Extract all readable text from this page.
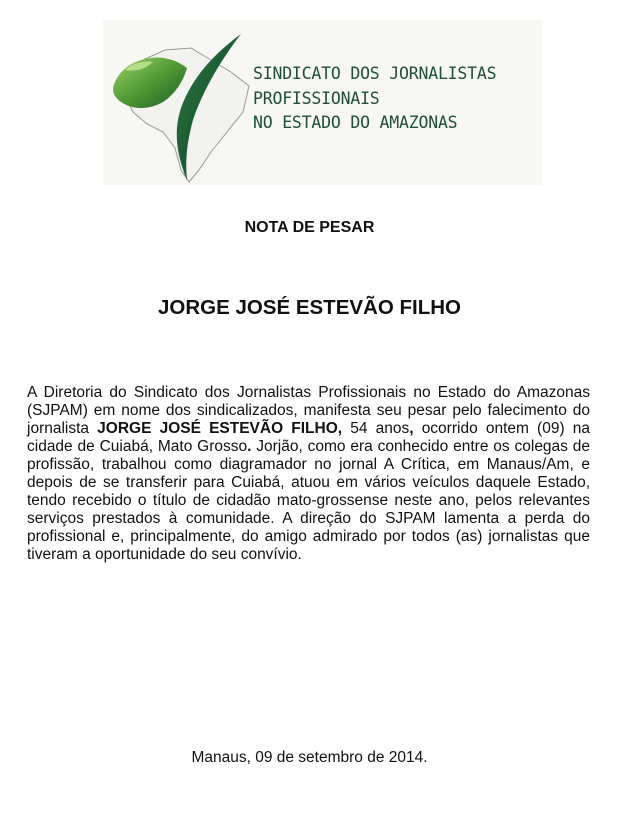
SINDICATO DOS JORNALISTAS
PROFISSIONAIS
NO ESTADO DO AMAZONAS
NOTA DE PESAR
JORGE JOSÉ ESTEVÃO FILHO
A Diretoria do Sindicato dos Jornalistas Profissionais no Estado do Amazonas (SJPAM) em nome dos sindicalizados, manifesta seu pesar pelo falecimento do jornalista JORGE JOSÉ ESTEVÃO FILHO, 54 anos, ocorrido ontem (09) na cidade de Cuiabá, Mato Grosso. Jorjão, como era conhecido entre os colegas de profissão, trabalhou como diagramador no jornal A Crítica, em Manaus/Am, e depois de se transferir para Cuiabá, atuou em vários veículos daquele Estado, tendo recebido o título de cidadão mato-grossense neste ano, pelos relevantes serviços prestados à comunidade. A direção do SJPAM lamenta a perda do profissional e, principalmente, do amigo admirado por todos (as) jornalistas que tiveram a oportunidade do seu convívio.
Manaus, 09 de setembro de 2014.
